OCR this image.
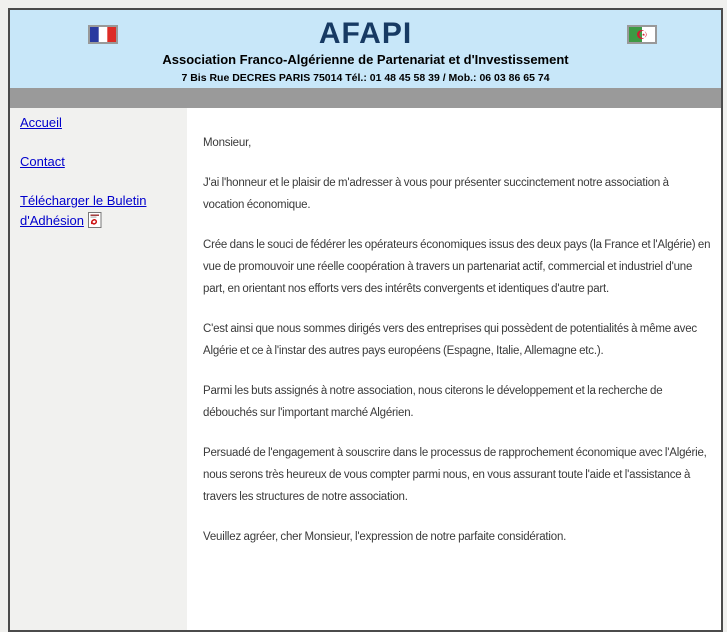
AFAPI
Association Franco-Algérienne de Partenariat et d'Investissement
7 Bis Rue DECRES PARIS 75014 Tél.: 01 48 45 58 39 / Mob.: 06 03 86 65 74
Accueil
Contact
Télécharger le Buletin d'Adhésion

Monsieur,

J'ai l'honneur et le plaisir de m'adresser à vous pour présenter succinctement notre association à vocation économique.

Crée dans le souci de fédérer les opérateurs économiques issus des deux pays (la France et l'Algérie) en vue de promouvoir une réelle coopération à travers un partenariat actif, commercial et industriel d'une part, en orientant nos efforts vers des intérêts convergents et identiques d'autre part.

C'est ainsi que nous sommes dirigés vers des entreprises qui possèdent de potentialités à même avec Algérie et ce à l'instar des autres pays européens (Espagne, Italie, Allemagne etc.).

Parmi les buts assignés à notre association, nous citerons le développement et la recherche de débouchés sur l'important marché Algérien.

Persuadé de l'engagement à souscrire dans le processus de rapprochement économique avec l'Algérie, nous serons très heureux de vous compter parmi nous, en vous assurant toute l'aide et l'assistance à travers les structures de notre association.

Veuillez agréer, cher Monsieur, l'expression de notre parfaite considération.
